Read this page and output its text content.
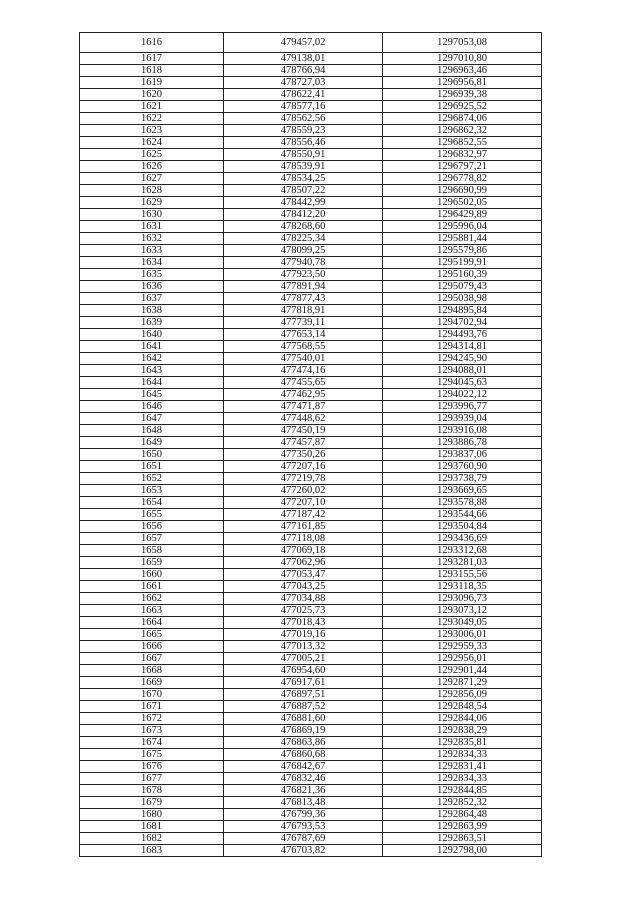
1616	479457,02	1297053,08
1617	479138,01	1297010,80
1618	478766,94	1296963,46
1619	478727,03	1296956,81
1620	478622,41	1296939,38
1621	478577,16	1296925,52
1622	478562,56	1296874,06
1623	478559,23	1296862,32
1624	478556,46	1296852,55
1625	478550,91	1296832,97
1626	478539,91	1296797,21
1627	478534,25	1296778,82
1628	478507,22	1296690,99
1629	478442,99	1296502,05
1630	478412,20	1296429,89
1631	478268,60	1295996,04
1632	478225,34	1295881,44
1633	478099,25	1295579,86
1634	477940,78	1295199,91
1635	477923,50	1295160,39
1636	477891,94	1295079,43
1637	477877,43	1295038,98
1638	477818,91	1294895,84
1639	477739,11	1294702,94
1640	477653,14	1294493,76
1641	477568,55	1294314,81
1642	477540,01	1294245,90
1643	477474,16	1294088,01
1644	477455,65	1294045,63
1645	477462,95	1294022,12
1646	477471,87	1293996,77
1647	477448,62	1293939,04
1648	477450,19	1293916,08
1649	477457,87	1293886,78
1650	477350,26	1293837,06
1651	477207,16	1293760,90
1652	477219,78	1293738,79
1653	477260,02	1293669,65
1654	477207,10	1293578,88
1655	477187,42	1293544,66
1656	477161,85	1293504,84
1657	477118,08	1293436,69
1658	477069,18	1293312,68
1659	477062,96	1293281,03
1660	477053,47	1293155,56
1661	477043,25	1293118,35
1662	477034,88	1293096,73
1663	477025,73	1293073,12
1664	477018,43	1293049,05
1665	477019,16	1293006,01
1666	477013,32	1292959,33
1667	477005,21	1292956,01
1668	476954,60	1292901,44
1669	476917,61	1292871,29
1670	476897,51	1292856,09
1671	476887,52	1292848,54
1672	476881,60	1292844,06
1673	476869,19	1292838,29
1674	476863,86	1292835,81
1675	476860,68	1292834,33
1676	476842,67	1292831,41
1677	476832,46	1292834,33
1678	476821,36	1292844,85
1679	476813,48	1292852,32
1680	476799,36	1292864,48
1681	476793,53	1292863,99
1682	476787,69	1292863,51
1683	476703,82	1292798,00
